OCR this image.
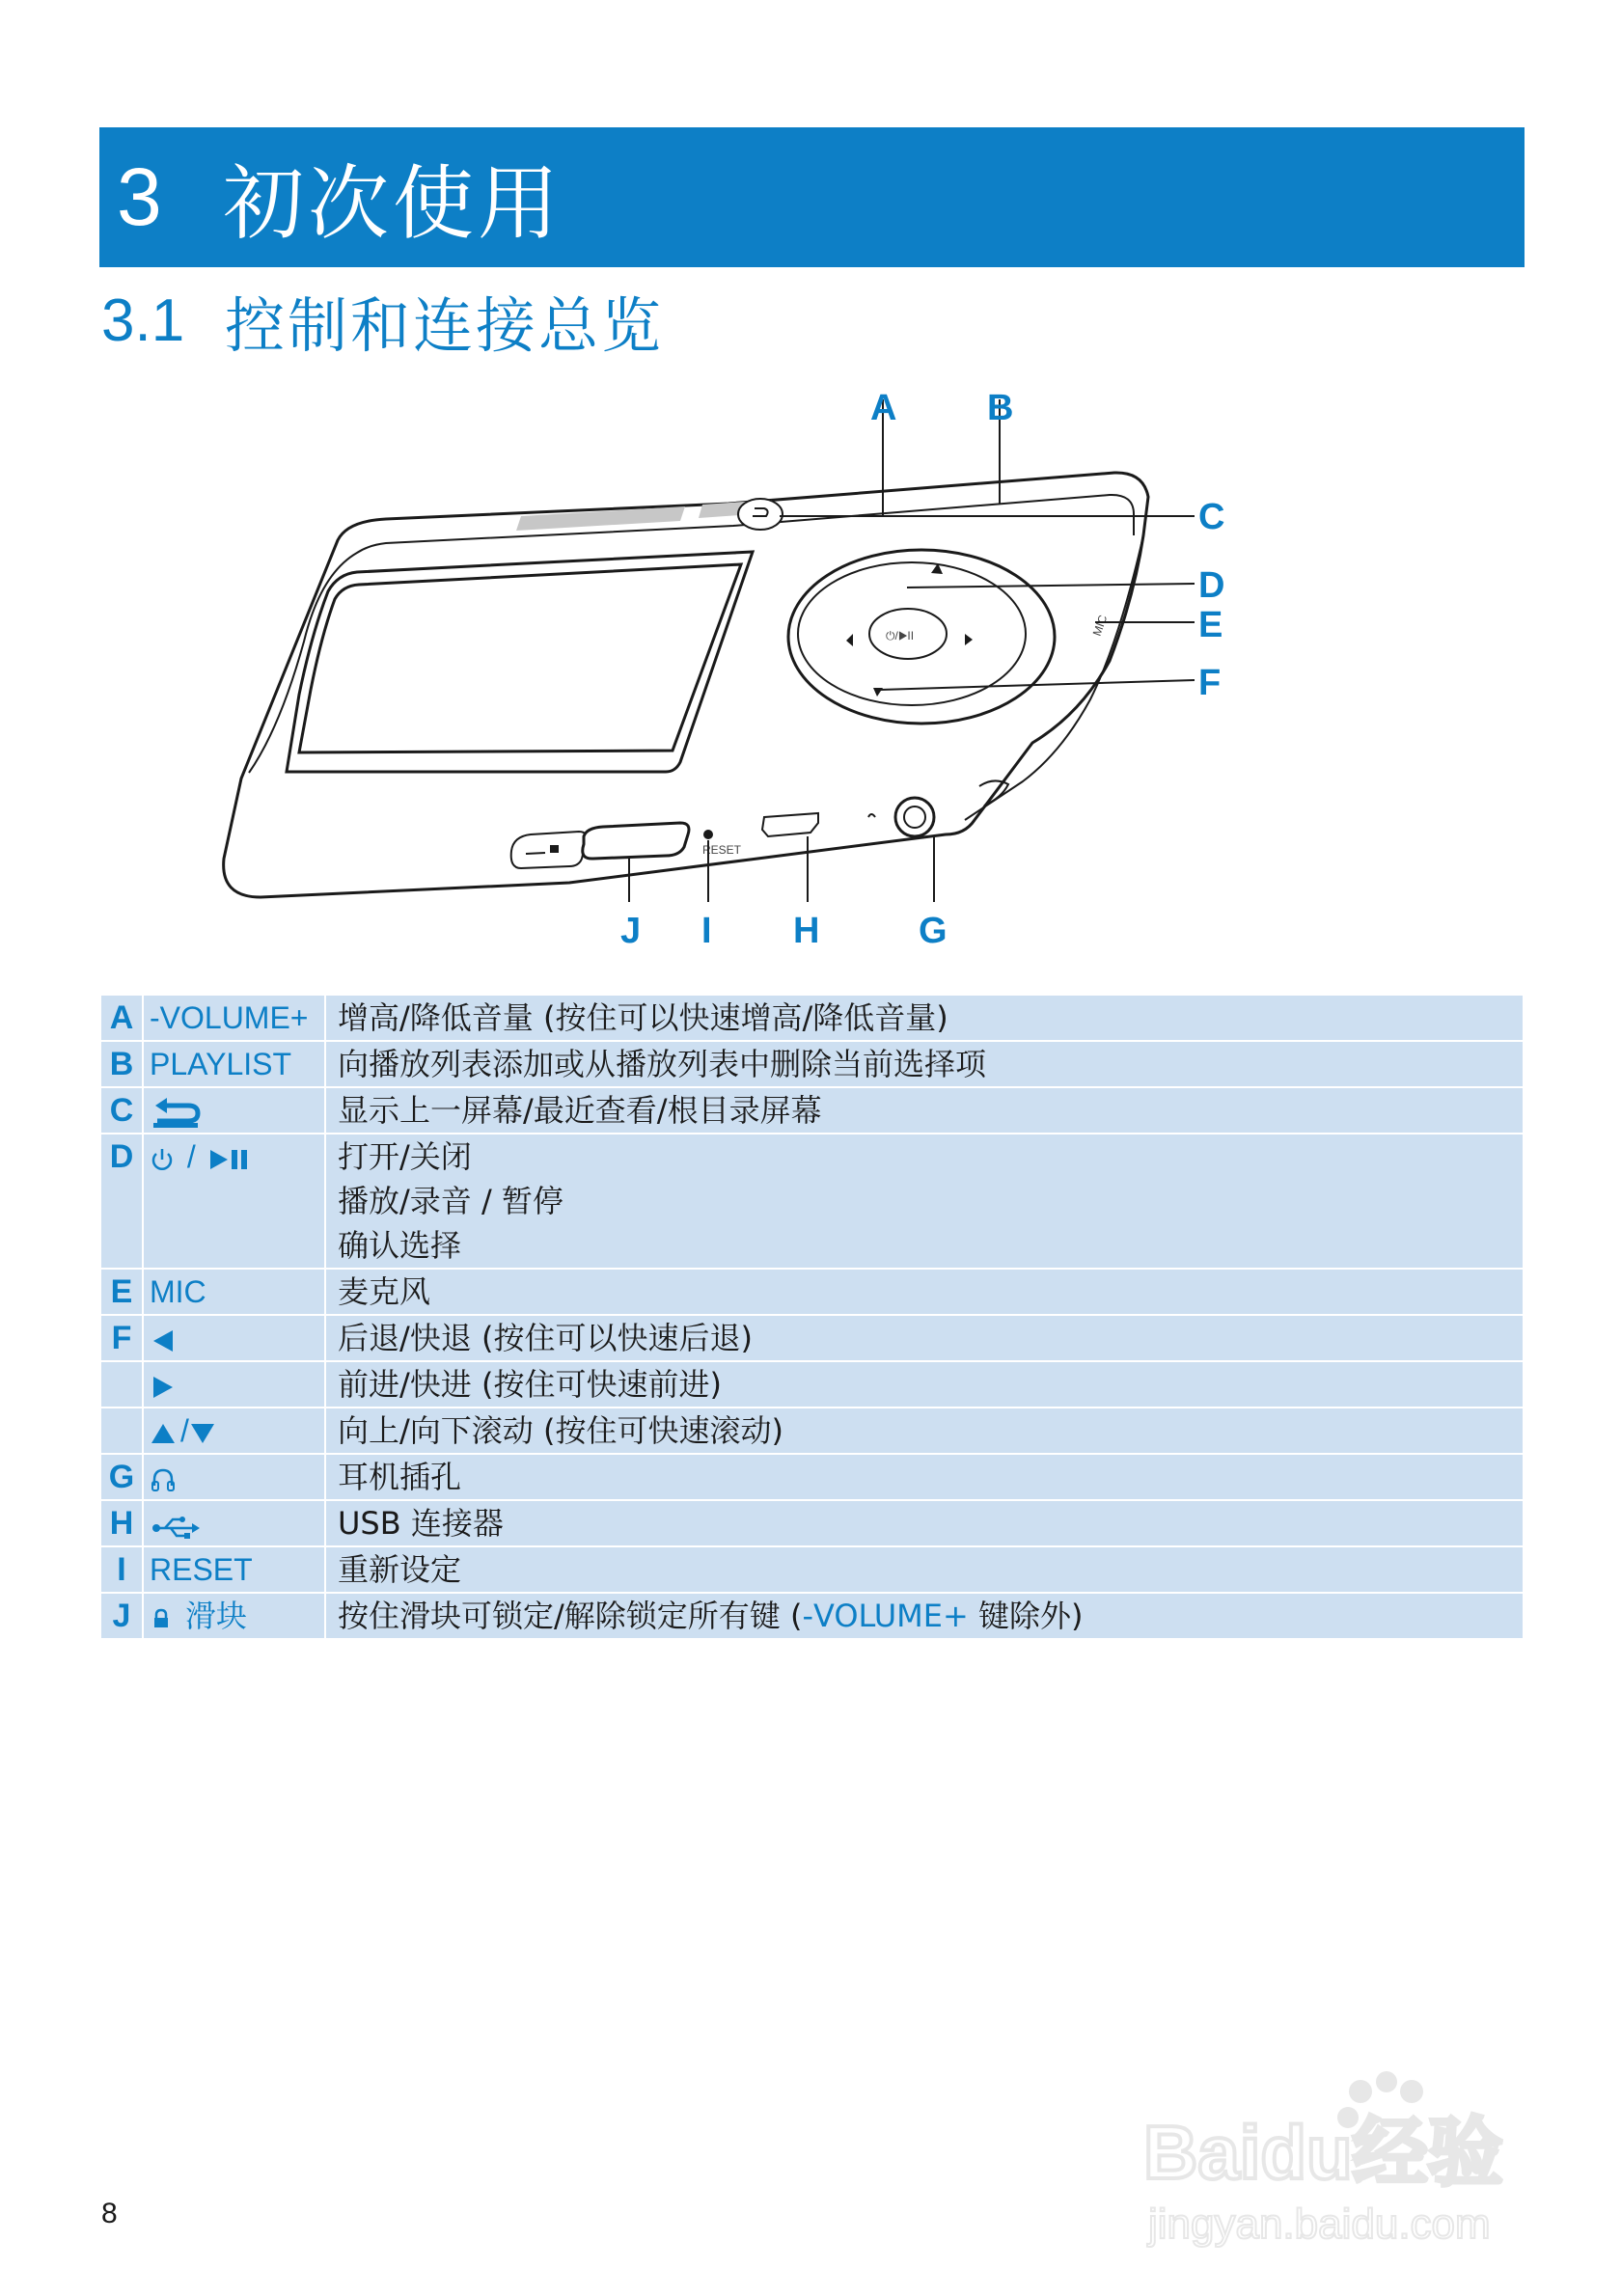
3 初次使用
3.1 控制和连接总览
⏻/▶II	MIC
RESET
A B
C
D
E
F
J I H	G
A	-VOLUME+	增高/降低音量 (按住可以快速增高/降低音量)
B	PLAYLIST	向播放列表添加或从播放列表中删除当前选择项
C		显示上一屏幕/最近查看/根目录屏幕
D	/	打开/关闭
播放/录音 / 暂停
确认选择

E	MIC	麦克风
F		后退/快退 (按住可以快速后退)
		前进/快进 (按住可快速前进)
	/	向上/向下滚动 (按住可快速滚动)
G		耳机插孔
H		USB 连接器
I	RESET	重新设定
J	滑块	按住滑块可锁定/解除锁定所有键 (-VOLUME+ 键除外)
8
Baidu经验
jingyan.baidu.com
